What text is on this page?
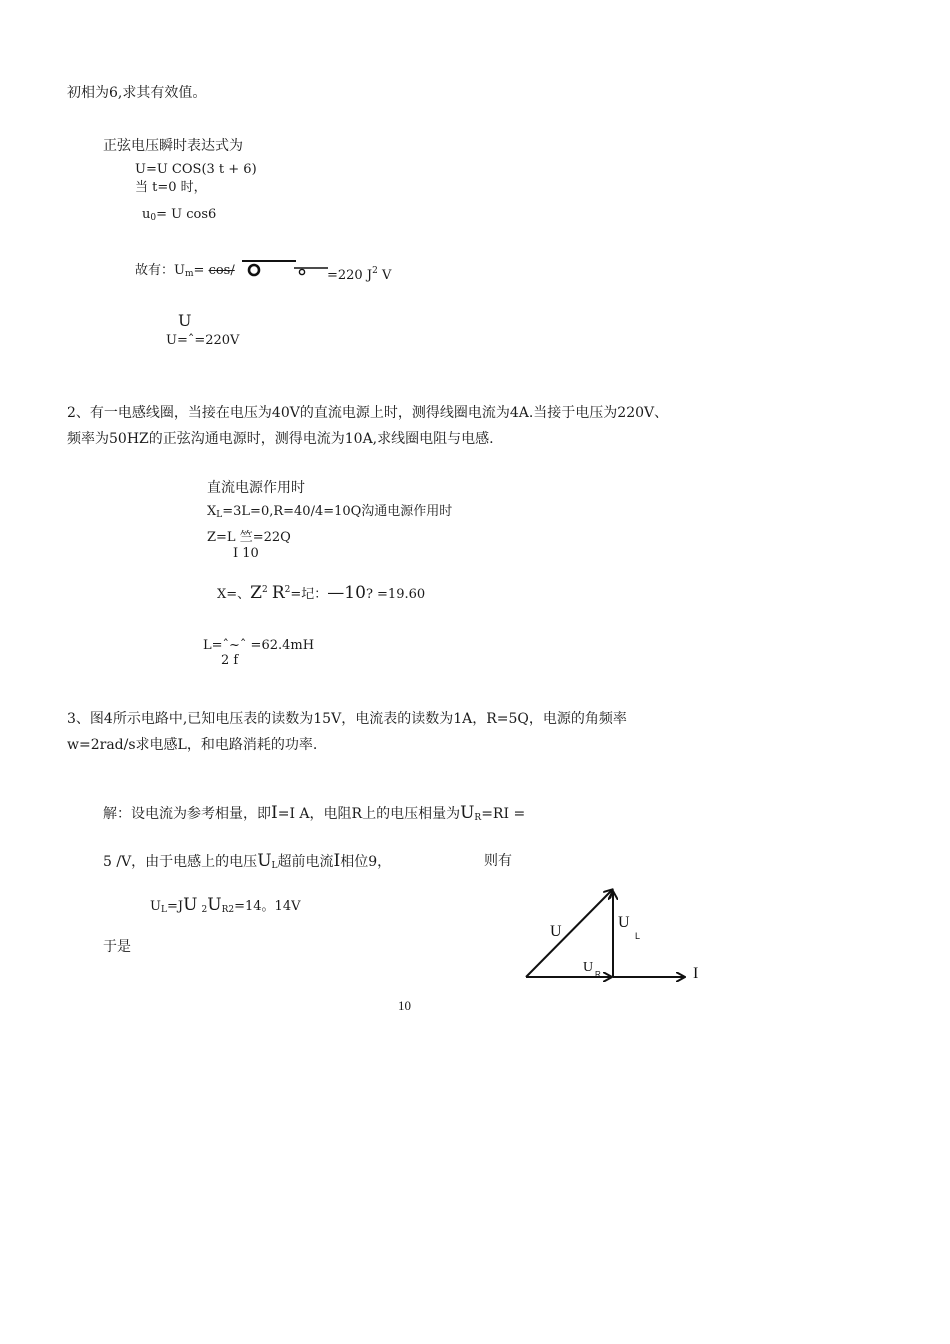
初相为6,求其有效值。
正弦电压瞬时表达式为
U=U COS(3 t + 6)
当 t=0 时，
$u_0= U$ cos6
故有：$U_m= \cos/$	=220 $J^2$ V
U
U=ˆ=220V
2、有一电感线圈，当接在电压为40V的直流电源上时，测得线圈电流为4A.当接于电压为220V、
频率为50HZ的正弦沟通电源时，测得电流为10A,求线圈电阻与电感.
直流电源作用时
$X_L=3L=0,R=40/4=10Q$沟通电源作用时
Z=L 竺=22Q
I 10
X=、$Z^2$ $R^2=$圮：—10? =19.60
L=ˆ~ˆ =62.4mH
2 f
3、图4所示电路中,已知电压表的读数为15V，电流表的读数为1A，R=5Q，电源的角频率
w=2rad/s求电感L，和电路消耗的功率.
解：设电流为参考相量，即I=I A，电阻R上的电压相量为$U_R=RI$ =
5 /V，由于电感上的电压$U_L$超前电流I相位9，	则有
$U_L=JU$ $_2U_{R2}=14$。14V
于是
U
U
L
U R	I
10
